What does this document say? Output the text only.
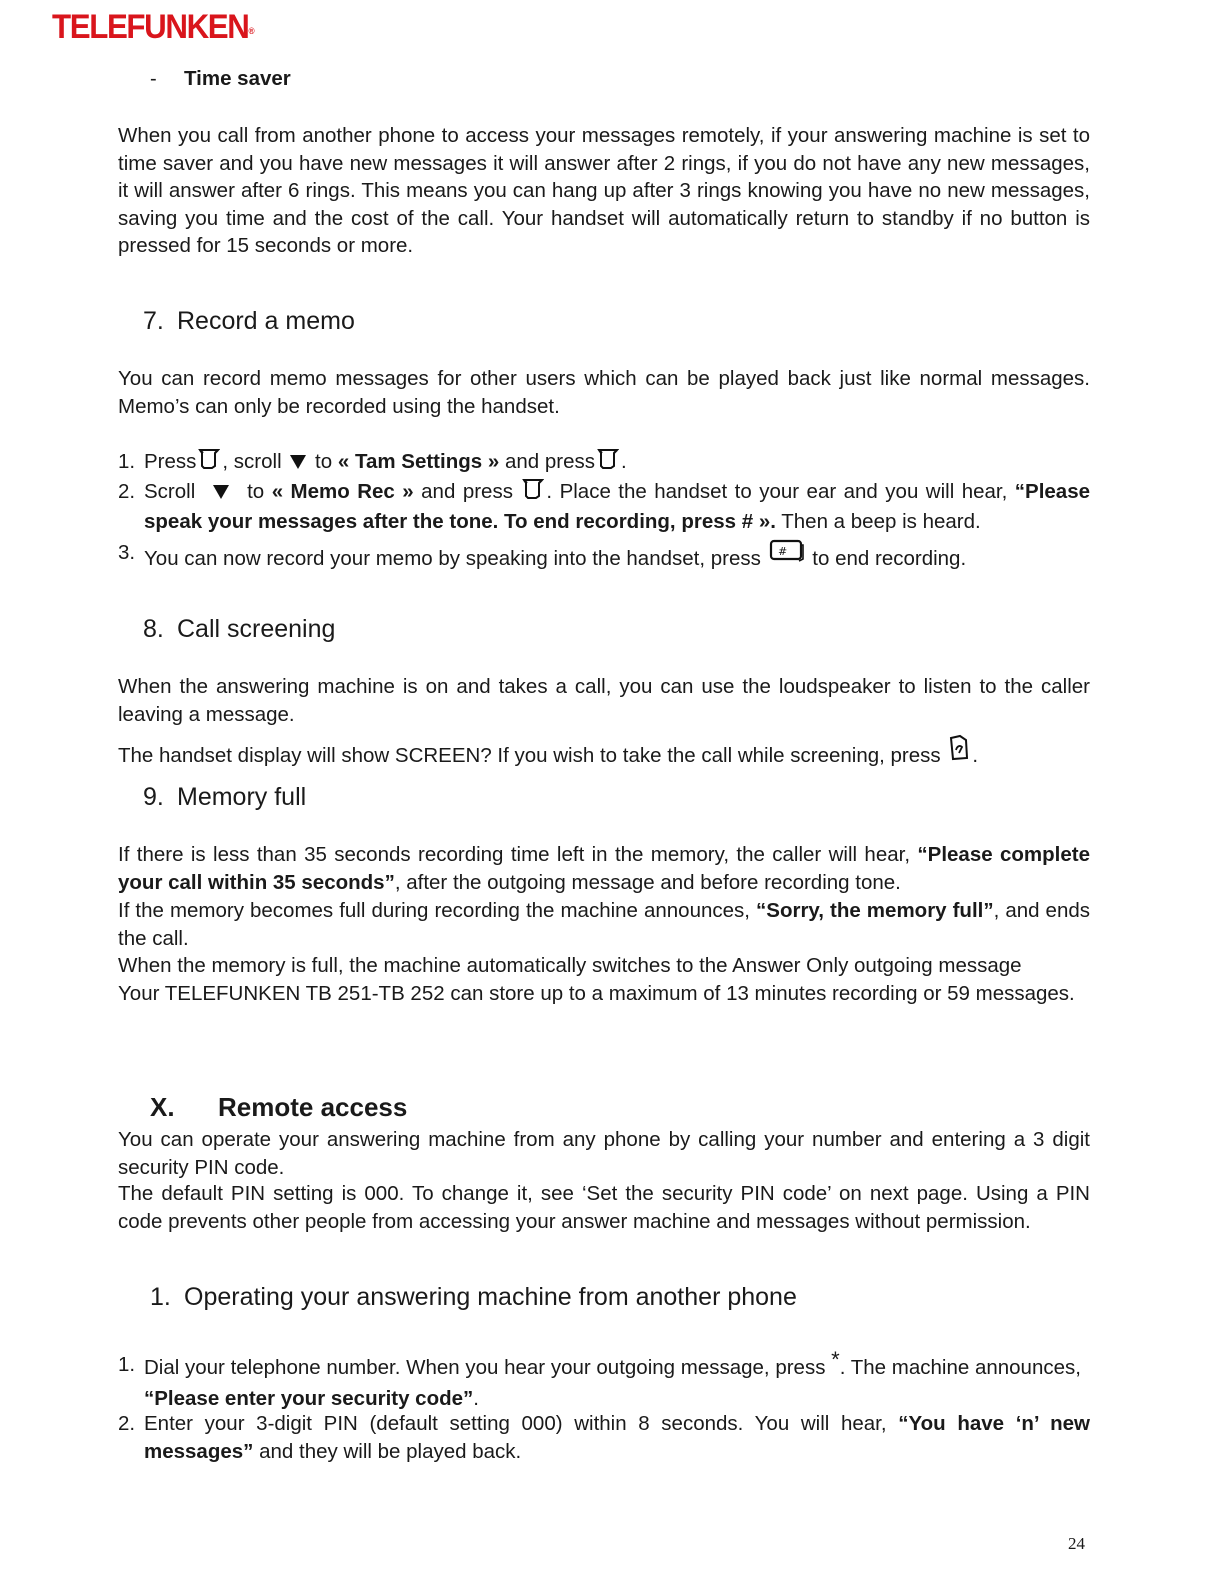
TELEFUNKEN®
- Time saver
When you call from another phone to access your messages remotely, if your answering machine is set to time saver and you have new messages it will answer after 2 rings, if you do not have any new messages, it will answer after 6 rings. This means you can hang up after 3 rings knowing you have no new messages, saving you time and the cost of the call. Your handset will automatically return to standby if no button is pressed for 15 seconds or more.
7. Record a memo
You can record memo messages for other users which can be played back just like normal messages. Memo’s can only be recorded using the handset.
1. Press , scroll to « Tam Settings » and press .
2. Scroll	to « Memo Rec » and press . Place the handset to your ear and you will hear, “Please speak your messages after the tone. To end recording, press # ». Then a beep is heard.
3. You can now record your memo by speaking into the handset, press # to end recording.
8. Call screening
When the answering machine is on and takes a call, you can use the loudspeaker to listen to the caller leaving a message.
The handset display will show SCREEN? If you wish to take the call while screening, press .
9. Memory full
If there is less than 35 seconds recording time left in the memory, the caller will hear, “Please complete your call within 35 seconds”, after the outgoing message and before recording tone.
If the memory becomes full during recording the machine announces, “Sorry, the memory full”, and ends the call.
When the memory is full, the machine automatically switches to the Answer Only outgoing message
Your TELEFUNKEN TB 251-TB 252 can store up to a maximum of 13 minutes recording or 59 messages.
X. Remote access
You can operate your answering machine from any phone by calling your number and entering a 3 digit security PIN code.
The default PIN setting is 000. To change it, see ‘Set the security PIN code’ on next page. Using a PIN code prevents other people from accessing your answer machine and messages without permission.
1. Operating your answering machine from another phone
1. Dial your telephone number. When you hear your outgoing message, press *. The machine announces,
“Please enter your security code”.
2. Enter your 3-digit PIN (default setting 000) within 8 seconds. You will hear, “You have ‘n’ new messages” and they will be played back.
24
